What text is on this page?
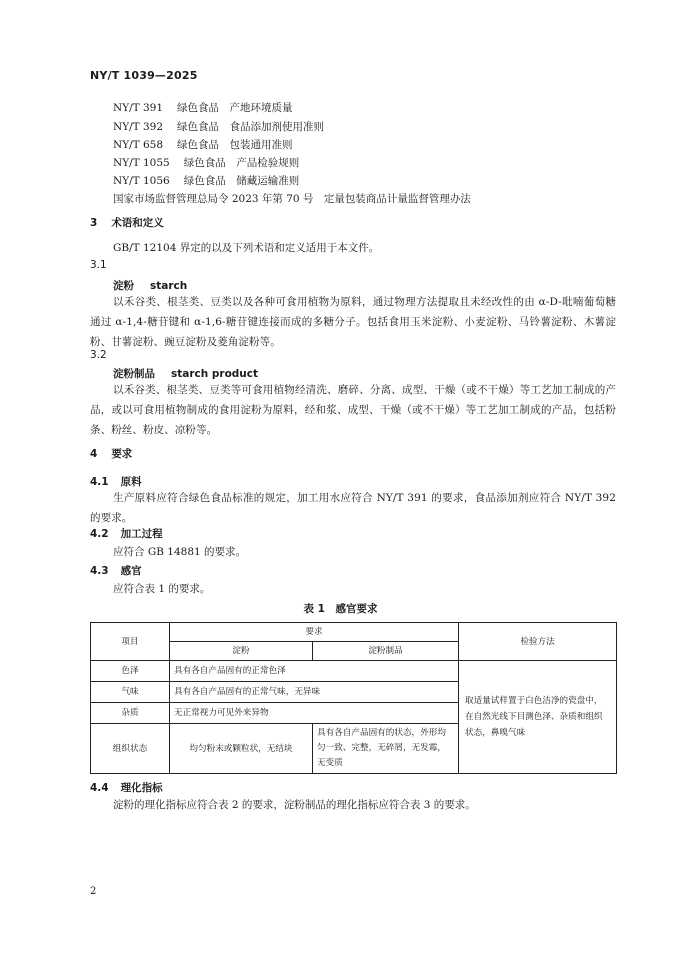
NY/T 1039—2025
NY/T 391 绿色食品　产地环境质量
NY/T 392 绿色食品　食品添加剂使用准则
NY/T 658 绿色食品　包装通用准则
NY/T 1055 绿色食品　产品检验规则
NY/T 1056 绿色食品　储藏运输准则
国家市场监督管理总局令 2023 年第 70 号　定量包装商品计量监督管理办法
3 术语和定义
GB/T 12104 界定的以及下列术语和定义适用于本文件。
3.1
淀粉 starch
以禾谷类、根茎类、豆类以及各种可食用植物为原料，通过物理方法提取且未经改性的由 α-D-吡喃葡萄糖通过 α-1,4-糖苷键和 α-1,6-糖苷键连接而成的多糖分子。包括食用玉米淀粉、小麦淀粉、马铃薯淀粉、木薯淀粉、甘薯淀粉、豌豆淀粉及菱角淀粉等。
3.2
淀粉制品 starch product
以禾谷类、根茎类、豆类等可食用植物经清洗、磨碎、分离、成型、干燥（或不干燥）等工艺加工制成的产品，或以可食用植物制成的食用淀粉为原料，经和浆、成型、干燥（或不干燥）等工艺加工制成的产品，包括粉条、粉丝、粉皮、凉粉等。
4 要求
4.1 原料
生产原料应符合绿色食品标准的规定，加工用水应符合 NY/T 391 的要求，食品添加剂应符合 NY/T 392 的要求。
4.2 加工过程
应符合 GB 14881 的要求。
4.3 感官
应符合表 1 的要求。
表 1　感官要求
项目	要求		检验方法
	淀粉	淀粉制品	
色泽	具有各自产品固有的正常色泽		取适量试样置于白色洁净的瓷盘中，在自然光线下目测色泽、杂质和组织状态，鼻嗅气味
气味	具有各自产品固有的正常气味，无异味		
杂质	无正常视力可见外来异物		
组织状态	均匀粉末或颗粒状，无结块	具有各自产品固有的状态，外形均匀一致、完整，无碎屑，无发霉，无变质	
4.4 理化指标
淀粉的理化指标应符合表 2 的要求，淀粉制品的理化指标应符合表 3 的要求。
2
